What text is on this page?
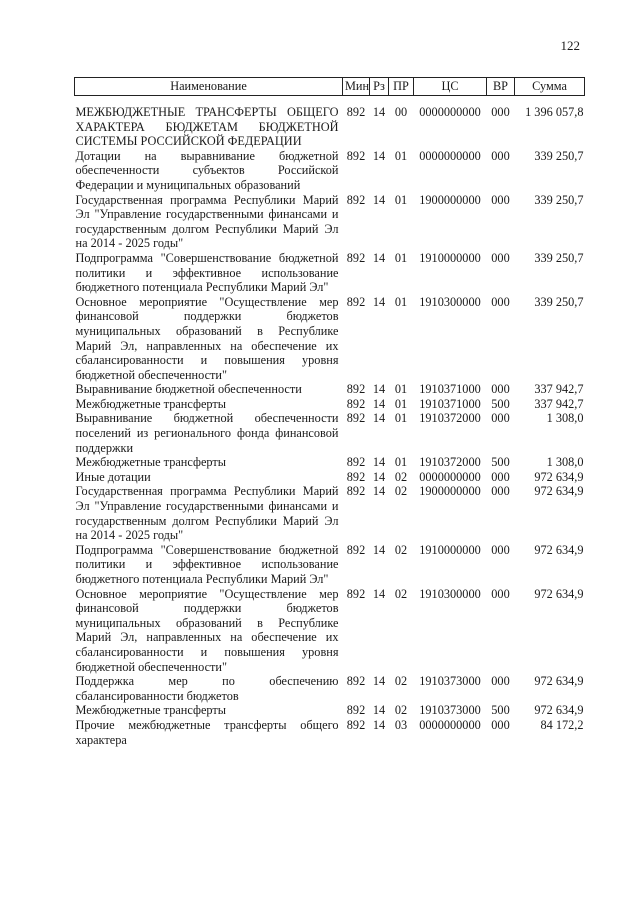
122
Наименование	Мин	Рз	ПР	ЦС	ВР	Сумма
МЕЖБЮДЖЕТНЫЕ ТРАНСФЕРТЫ ОБЩЕГО ХАРАКТЕРА БЮДЖЕТАМ БЮДЖЕТНОЙ СИСТЕМЫ РОССИЙСКОЙ ФЕДЕРАЦИИ	892	14	00	0000000000	000	1 396 057,8
Дотации на выравнивание бюджетной обеспеченности субъектов Российской Федерации и муниципальных образований	892	14	01	0000000000	000	339 250,7
Государственная программа Республики Марий Эл "Управление государственными финансами и государственным долгом Республики Марий Эл на 2014 - 2025 годы"	892	14	01	1900000000	000	339 250,7
Подпрограмма "Совершенствование бюджетной политики и эффективное использование бюджетного потенциала Республики Марий Эл"	892	14	01	1910000000	000	339 250,7
Основное мероприятие "Осуществление мер финансовой поддержки бюджетов муниципальных образований в Республике Марий Эл, направленных на обеспечение их сбалансированности и повышения уровня бюджетной обеспеченности"	892	14	01	1910300000	000	339 250,7
Выравнивание бюджетной обеспеченности	892	14	01	1910371000	000	337 942,7
Межбюджетные трансферты	892	14	01	1910371000	500	337 942,7
Выравнивание бюджетной обеспеченности поселений из регионального фонда финансовой поддержки	892	14	01	1910372000	000	1 308,0
Межбюджетные трансферты	892	14	01	1910372000	500	1 308,0
Иные дотации	892	14	02	0000000000	000	972 634,9
Государственная программа Республики Марий Эл "Управление государственными финансами и государственным долгом Республики Марий Эл на 2014 - 2025 годы"	892	14	02	1900000000	000	972 634,9
Подпрограмма "Совершенствование бюджетной политики и эффективное использование бюджетного потенциала Республики Марий Эл"	892	14	02	1910000000	000	972 634,9
Основное мероприятие "Осуществление мер финансовой поддержки бюджетов муниципальных образований в Республике Марий Эл, направленных на обеспечение их сбалансированности и повышения уровня бюджетной обеспеченности"	892	14	02	1910300000	000	972 634,9
Поддержка мер по обеспечению сбалансированности бюджетов	892	14	02	1910373000	000	972 634,9
Межбюджетные трансферты	892	14	02	1910373000	500	972 634,9
Прочие межбюджетные трансферты общего характера	892	14	03	0000000000	000	84 172,2
